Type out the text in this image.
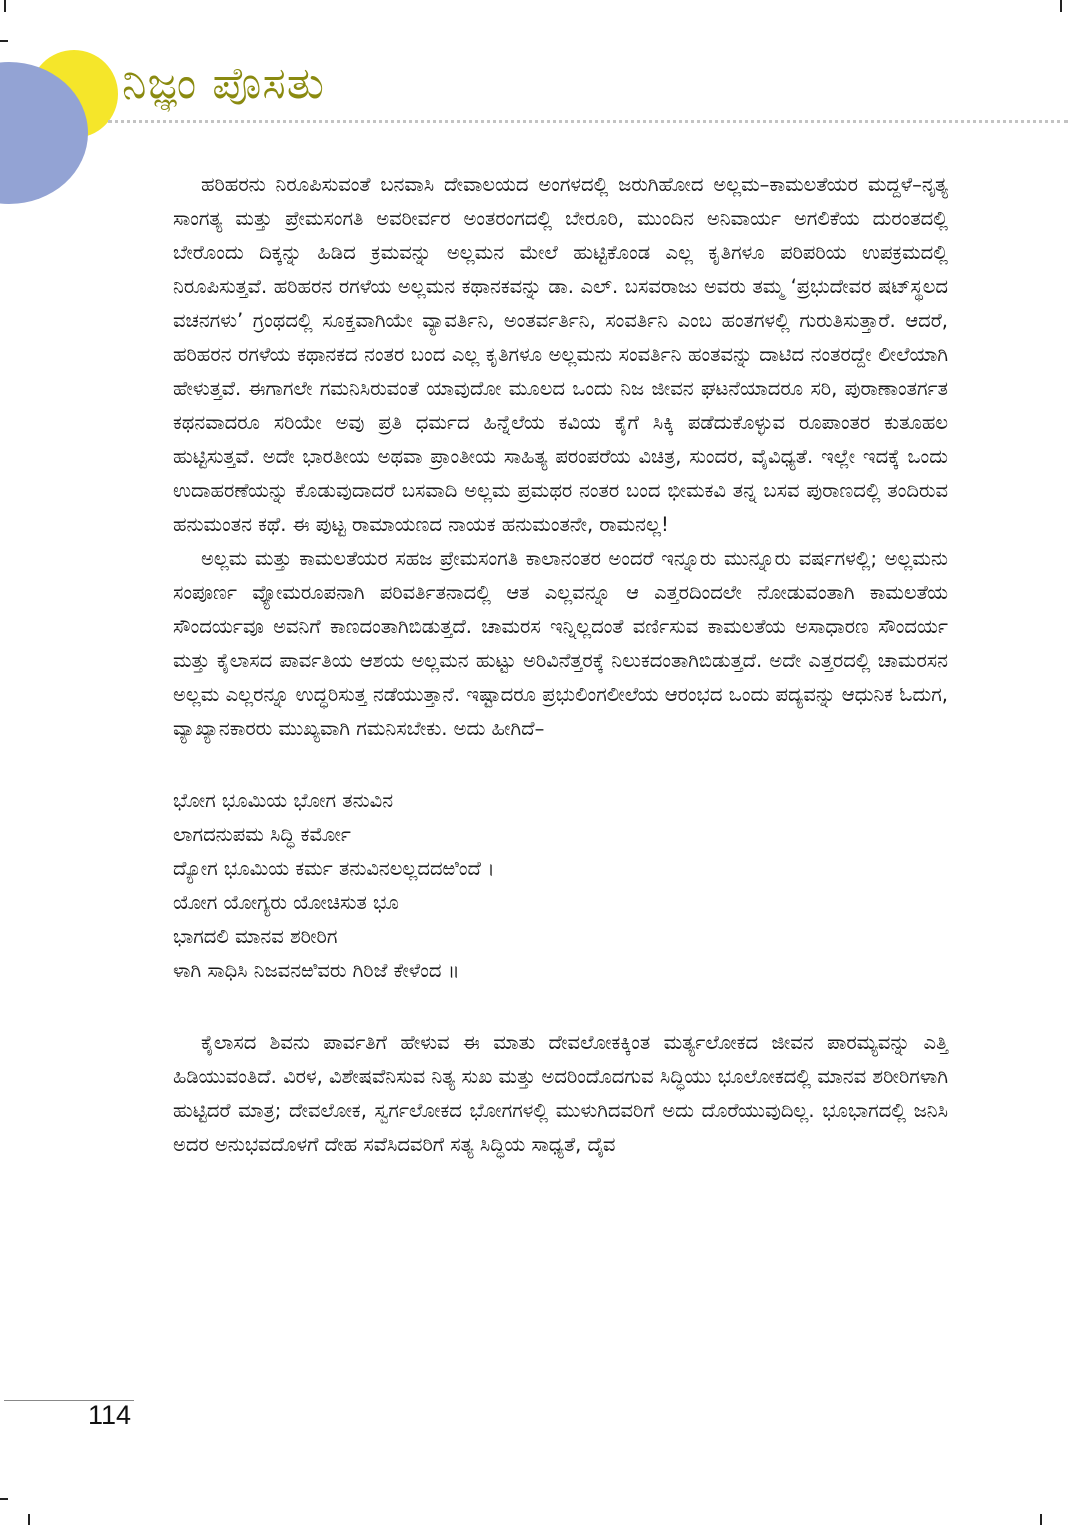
ನಿಜ್ಞಂ ಪೊಸತು

ಹರಿಹರನು ನಿರೂಪಿಸುವಂತೆ ಬನವಾಸಿ ದೇವಾಲಯದ ಅಂಗಳದಲ್ಲಿ ಜರುಗಿಹೋದ ಅಲ್ಲಮ–ಕಾಮಲತೆಯರ ಮದ್ದಳೆ–ನೃತ್ಯ ಸಾಂಗತ್ಯ ಮತ್ತು ಪ್ರೇಮಸಂಗತಿ ಅವರೀರ್ವರ ಅಂತರಂಗದಲ್ಲಿ ಬೇರೂರಿ, ಮುಂದಿನ ಅನಿವಾರ್ಯ ಅಗಲಿಕೆಯ ದುರಂತದಲ್ಲಿ ಬೇರೊಂದು ದಿಕ್ಕನ್ನು ಹಿಡಿದ ಕ್ರಮವನ್ನು ಅಲ್ಲಮನ ಮೇಲೆ ಹುಟ್ಟಿಕೊಂಡ ಎಲ್ಲ ಕೃತಿಗಳೂ ಪರಿಪರಿಯ ಉಪಕ್ರಮದಲ್ಲಿ ನಿರೂಪಿಸುತ್ತವೆ. ಹರಿಹರನ ರಗಳೆಯ ಅಲ್ಲಮನ ಕಥಾನಕವನ್ನು ಡಾ. ಎಲ್. ಬಸವರಾಜು ಅವರು ತಮ್ಮ ‘ಪ್ರಭುದೇವರ ಷಟ್‌ಸ್ಥಲದ ವಚನಗಳು’ ಗ್ರಂಥದಲ್ಲಿ ಸೂಕ್ತವಾಗಿಯೇ ವ್ಯಾವರ್ತಿನಿ, ಅಂತರ್ವರ್ತಿನಿ, ಸಂವರ್ತಿನಿ ಎಂಬ ಹಂತಗಳಲ್ಲಿ ಗುರುತಿಸುತ್ತಾರೆ. ಆದರೆ, ಹರಿಹರನ ರಗಳೆಯ ಕಥಾನಕದ ನಂತರ ಬಂದ ಎಲ್ಲ ಕೃತಿಗಳೂ ಅಲ್ಲಮನು ಸಂವರ್ತಿನಿ ಹಂತವನ್ನು ದಾಟಿದ ನಂತರದ್ದೇ ಲೀಲೆಯಾಗಿ ಹೇಳುತ್ತವೆ. ಈಗಾಗಲೇ ಗಮನಿಸಿರುವಂತೆ ಯಾವುದೋ ಮೂಲದ ಒಂದು ನಿಜ ಜೀವನ ಘಟನೆಯಾದರೂ ಸರಿ, ಪುರಾಣಾಂತರ್ಗತ ಕಥನವಾದರೂ ಸರಿಯೇ ಅವು ಪ್ರತಿ ಧರ್ಮದ ಹಿನ್ನೆಲೆಯ ಕವಿಯ ಕೈಗೆ ಸಿಕ್ಕಿ ಪಡೆದುಕೊಳ್ಳುವ ರೂಪಾಂತರ ಕುತೂಹಲ ಹುಟ್ಟಿಸುತ್ತವೆ. ಅದೇ ಭಾರತೀಯ ಅಥವಾ ಪ್ರಾಂತೀಯ ಸಾಹಿತ್ಯ ಪರಂಪರೆಯ ವಿಚಿತ್ರ, ಸುಂದರ, ವೈವಿಧ್ಯತೆ. ಇಲ್ಲೇ ಇದಕ್ಕೆ ಒಂದು ಉದಾಹರಣೆಯನ್ನು ಕೊಡುವುದಾದರೆ ಬಸವಾದಿ ಅಲ್ಲಮ ಪ್ರಮಥರ ನಂತರ ಬಂದ ಭೀಮಕವಿ ತನ್ನ ಬಸವ ಪುರಾಣದಲ್ಲಿ ತಂದಿರುವ ಹನುಮಂತನ ಕಥೆ. ಈ ಪುಟ್ಟ ರಾಮಾಯಣದ ನಾಯಕ ಹನುಮಂತನೇ, ರಾಮನಲ್ಲ!

ಅಲ್ಲಮ ಮತ್ತು ಕಾಮಲತೆಯರ ಸಹಜ ಪ್ರೇಮಸಂಗತಿ ಕಾಲಾನಂತರ ಅಂದರೆ ಇನ್ನೂರು ಮುನ್ನೂರು ವರ್ಷಗಳಲ್ಲಿ; ಅಲ್ಲಮನು ಸಂಪೂರ್ಣ ವ್ಯೋಮರೂಪನಾಗಿ ಪರಿವರ್ತಿತನಾದಲ್ಲಿ ಆತ ಎಲ್ಲವನ್ನೂ ಆ ಎತ್ತರದಿಂದಲೇ ನೋಡುವಂತಾಗಿ ಕಾಮಲತೆಯ ಸೌಂದರ್ಯವೂ ಅವನಿಗೆ ಕಾಣದಂತಾಗಿಬಿಡುತ್ತದೆ. ಚಾಮರಸ ಇನ್ನಿಲ್ಲದಂತೆ ವರ್ಣಿಸುವ ಕಾಮಲತೆಯ ಅಸಾಧಾರಣ ಸೌಂದರ್ಯ ಮತ್ತು ಕೈಲಾಸದ ಪಾರ್ವತಿಯ ಆಶಯ ಅಲ್ಲಮನ ಹುಟ್ಟು ಅರಿವಿನೆತ್ತರಕ್ಕೆ ನಿಲುಕದಂತಾಗಿಬಿಡುತ್ತದೆ. ಅದೇ ಎತ್ತರದಲ್ಲಿ ಚಾಮರಸನ ಅಲ್ಲಮ ಎಲ್ಲರನ್ನೂ ಉದ್ಧರಿಸುತ್ತ ನಡೆಯುತ್ತಾನೆ. ಇಷ್ಟಾದರೂ ಪ್ರಭುಲಿಂಗಲೀಲೆಯ ಆರಂಭದ ಒಂದು ಪದ್ಯವನ್ನು ಆಧುನಿಕ ಓದುಗ, ವ್ಯಾಖ್ಯಾನಕಾರರು ಮುಖ್ಯವಾಗಿ ಗಮನಿಸಬೇಕು. ಅದು ಹೀಗಿದೆ–

ಭೋಗ ಭೂಮಿಯ ಭೋಗ ತನುವಿನ
ಲಾಗದನುಪಮ ಸಿದ್ಧಿ ಕರ್ಮೋ
ದ್ಯೋಗ ಭೂಮಿಯ ಕರ್ಮ ತನುವಿನಲಲ್ಲದದಱಿಂದೆ ।
ಯೋಗ ಯೋಗ್ಯರು ಯೋಚಿಸುತ ಭೂ
ಭಾಗದಲಿ ಮಾನವ ಶರೀರಿಗ
ಳಾಗಿ ಸಾಧಿಸಿ ನಿಜವನಱಿವರು ಗಿರಿಜೆ ಕೇಳೆಂದ ॥

ಕೈಲಾಸದ ಶಿವನು ಪಾರ್ವತಿಗೆ ಹೇಳುವ ಈ ಮಾತು ದೇವಲೋಕಕ್ಕಿಂತ ಮರ್ತ್ಯಲೋಕದ ಜೀವನ ಪಾರಮ್ಯವನ್ನು ಎತ್ತಿ ಹಿಡಿಯುವಂತಿದೆ. ವಿರಳ, ವಿಶೇಷವೆನಿಸುವ ನಿತ್ಯ ಸುಖ ಮತ್ತು ಅದರಿಂದೊದಗುವ ಸಿದ್ಧಿಯು ಭೂಲೋಕದಲ್ಲಿ ಮಾನವ ಶರೀರಿಗಳಾಗಿ ಹುಟ್ಟಿದರೆ ಮಾತ್ರ; ದೇವಲೋಕ, ಸ್ವರ್ಗಲೋಕದ ಭೋಗಗಳಲ್ಲಿ ಮುಳುಗಿದವರಿಗೆ ಅದು ದೊರೆಯುವುದಿಲ್ಲ. ಭೂಭಾಗದಲ್ಲಿ ಜನಿಸಿ ಅದರ ಅನುಭವದೊಳಗೆ ದೇಹ ಸವೆಸಿದವರಿಗೆ ಸತ್ಯ ಸಿದ್ಧಿಯ ಸಾಧ್ಯತೆ, ದೈವ

114
